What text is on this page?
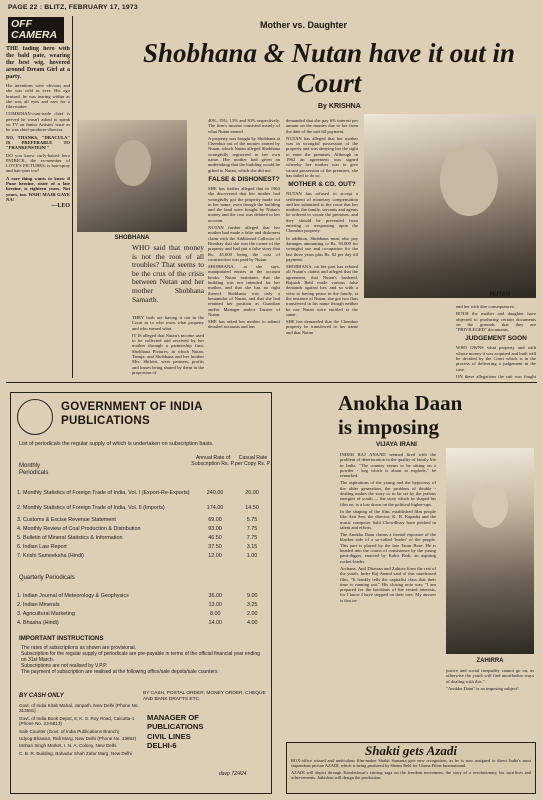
PAGE 22 : BLITZ, FEBRUARY 17, 1973
OFF CAMERA

THE fading hero with the bald pate, wearing the best wig, hovered around Dream Girl at a party.

His intentions were obvious and she was cold as ever. His ego bruised, he was tearing within as she was all eyes and ears for a film-maker.

COMEDIAN-cum-trade chief is peeved he wasn't asked to speak on TV on Junior Artistes' issue as he was chief-producer-director.

NO, THANKS, "DRACULA" IS PREFERABLE TO "FRANKENSTEIN!"

DO you know curly-haired hero PATRICK, the ex-member of LOVE'S PICTURES, is hair-spray and hair-pins too?

A rare thing wants to know if Pune heroine, sister of a late heroine, is eighteen years. Not yours, too. WAH! MAJR GAYE NA!

—LEO

Mother vs. Daughter
Shobhana & Nutan have it out in Court
By KRISHNA
SHOBHANA
WHO said that money is not the root of all troubles? That seems to be the crux of the crisis between Nutan and her mother Shobhana Samarth.

THEY both are having it out in the Court as to who owns what property and who earned what.

IT IS alleged that Nutan's income used to be collected and received by her mother through a partnership firm, Shobhana Pictures, in which Nutan, Tanuja, and Shobhana and her brother Mrs. Shilotri, were partners, profits and losses being shared by them in the proportion of

40%, 15%, 15% and 30% respectively. The firm's income consisted mainly of what Nutan earned.

A property was bought by Shobhana at Chembur out of the monies earned by Nutan, which Nutan alleged Shobhana wrongfully registered in her own name. Her mother had given an undertaking that the building would be gifted to Nutan, which she did not.

FALSE & DISHONEST?

SHE has further alleged that in 1963 she discovered that her mother had wrongfully got the property made out in her name, even though the building and the land were bought by Nutan's money and the cost was debited to her account.

NUTAN further alleged that her mother had made a false and dishonest claim with the Additional Collector of Bombay that she was the owner of the property and had put a false story that Rs. 45,000 being the cost of construction was paid by Nutan.

SHOBHANA, as she says, manipulated entries in the account books. Nutan maintains that the building was not intended for her mother, and that she has no right thereof. Shobhana was only a benamidar of Nutan, and that she had retained her position as Guardian and/or Manager and/or Trustee of Nutan.

SHE has asked her mother to submit detailed accounts and has

demanded that she pay 6% interest per annum on the monies due to her from the date of the suit till payment.

NUTAN has alleged that her mother was in wrongful possession of the property and was denying her the right to enter the premises. Although in 1962 an agreement was signed whereby her mother was to give vacant possession of the premises, she has failed to do so.

MOTHER & CO. OUT?

NUTAN has refused to accept a settlement of monetary compensation and her submitted to the court that her mother, the family, servants and agents be ordered to vacate the premises, and they should be prevented from entering or trespassing upon the Chembur property.

In addition, Shobhana must also pay damages amounting to Rs. 50,000 for wrongful use and occupation for the last three years plus Rs. 82 per day till payment.

SHOBHANA, on her part has refuted all Nutan's claims and alleged that the agreement, that Nutan's husband, Rajnish Behl made various false demands against her, and so with a view to having peace in the family, at the instance of Nutan, she got two flats transferred in his name though neither he nor Nutan were entitled to the same.

SHE has demanded that the Chembur property be transferred to her name and that Nutan

NUTAN

end her with dire consequences.

BOTH the mother and daughter have objected to producing certain documents on the grounds that they are "PRIVILEGED" documents.

JUDGEMENT SOON

WHO OWNS what property and with whose money it was acquired and built will be decided by the Court which is in the process of delivering a judgement in the case.

ON these allegations the suit was fought

GOVERNMENT OF INDIA
PUBLICATIONS
List of periodicals the regular supply of which is undertaken on subscription basis.
Monthly Periodicals
Annual Rate of Subscription Rs. P.
Casual Rate per Copy Rs. P.
1. Monthly Statistics of Foreign Trade of India, Vol. I (Export-Re-Exports)	240.00	20.00
2. Monthly Statistics of Foreign Trade of India, Vol. II (Imports)	174.00	14.50
3. Customs & Excise Revenue Statement	69.00	5.75
4. Monthly Review of Coal Production & Distribution	93.00	7.75
5. Bulletin of Mineral Statistics & Information	46.50	7.75
6. Indian Law Report	37.50	3.15
7. Krishi Sameeksha (Hindi)	12.00	1.00
Quarterly Periodicals
1. Indian Journal of Meteorology & Geophysics	36.00	9.00
2. Indian Minerals	13.00	3.25
3. Agricultural Marketing	8.00	2.00
4. Bhasha (Hindi)	14.00	4.00
IMPORTANT INSTRUCTIONS
The rates of subscriptions as shown are provisional.
Subscription for the regular supply of periodicals are pre-payable in terms of the official financial year ending on 31st March.
Subscriptions are not realised by V.P.P.
The payment of subscription are realised at the following office/sale depots/sale counters.
BY CASH ONLY	BY CASH, POSTAL ORDER, MONEY ORDER, CHEQUE AND BANK DRAFTS ETC.
Govt. of India Kitab Mahal, Janpath, New Delhi (Phone No. 313581)
Govt. of India Book Depot, 8, K. S. Roy Road, Calcutta-1 (Phone No. 23-5813)
Sale Counter (Govt. of India Publications Branch)
Udyog Bhawan, Rafi Marg, New Delhi (Phone No. 33882)
Mohan Singh Market, I. N. A. Colony, New Delhi
C. B. R. Building, Bahadur Shah Zafar Marg, New Delhi
MANAGER OF
PUBLICATIONS
CIVIL LINES
DELHI-6
davp 72/424
Anokha Daan
is imposing
VIJAYA IRANI

INDER RAJ ANAND seemed fired with the problem of deterioration in the quality of family life in India. "The country seems to be sitting on a powder - keg which is about to explode," he remarked.

The aspirations of the young and the hypocrisy of the older generation, the problem of double - dealing makes the story so to be set by the jealous energies of youth — the story which he shaped his film on, is a low down on the political higher-ups.

In the shaping of the film, established film people like Asit Sen, the director, K. H. Kapadia and the music composer Salil Chowdhury have pitched in talent and efforts.

The Anokha Daan claims a frontal exposure of the blacker side of a so-called 'leader' of the people. This part is played by the late Tarun Bose. He is headed into the courts of consistence by the young pant-digger, enacted by Kabir Bedi, an aspiring rocket-leader.

Archana, Anil Dhawan and Zahirra form the rest of the youth. Inder Raj Anand said of this unreleased film, "It frankly tells the capitalist class that their time is running out." His closing note was: "I am prepared for the brickbats of the vested interests, for I know I have stepped on their toes. My answer is that in-

ZAHIRRA

justice and social inequality cannot go on, as otherwise the youth will find unorthodox ways of dealing with this."

"Anokha Daan" is an imposing subject!

Shakti gets Azadi

BOX-office wizard and meticulous film-maker Shakti Samanta gets new recognition, as he is now assigned to direct India's most stupendous picture AZADI, which is being produced by Shams Rehl for Ulama Films International.

AZADI will depict through Kamleshwar's stirring saga on the freedom movement, the story of a revolutionary, his sacrifices and achievements. Jaikishan will design the production.
